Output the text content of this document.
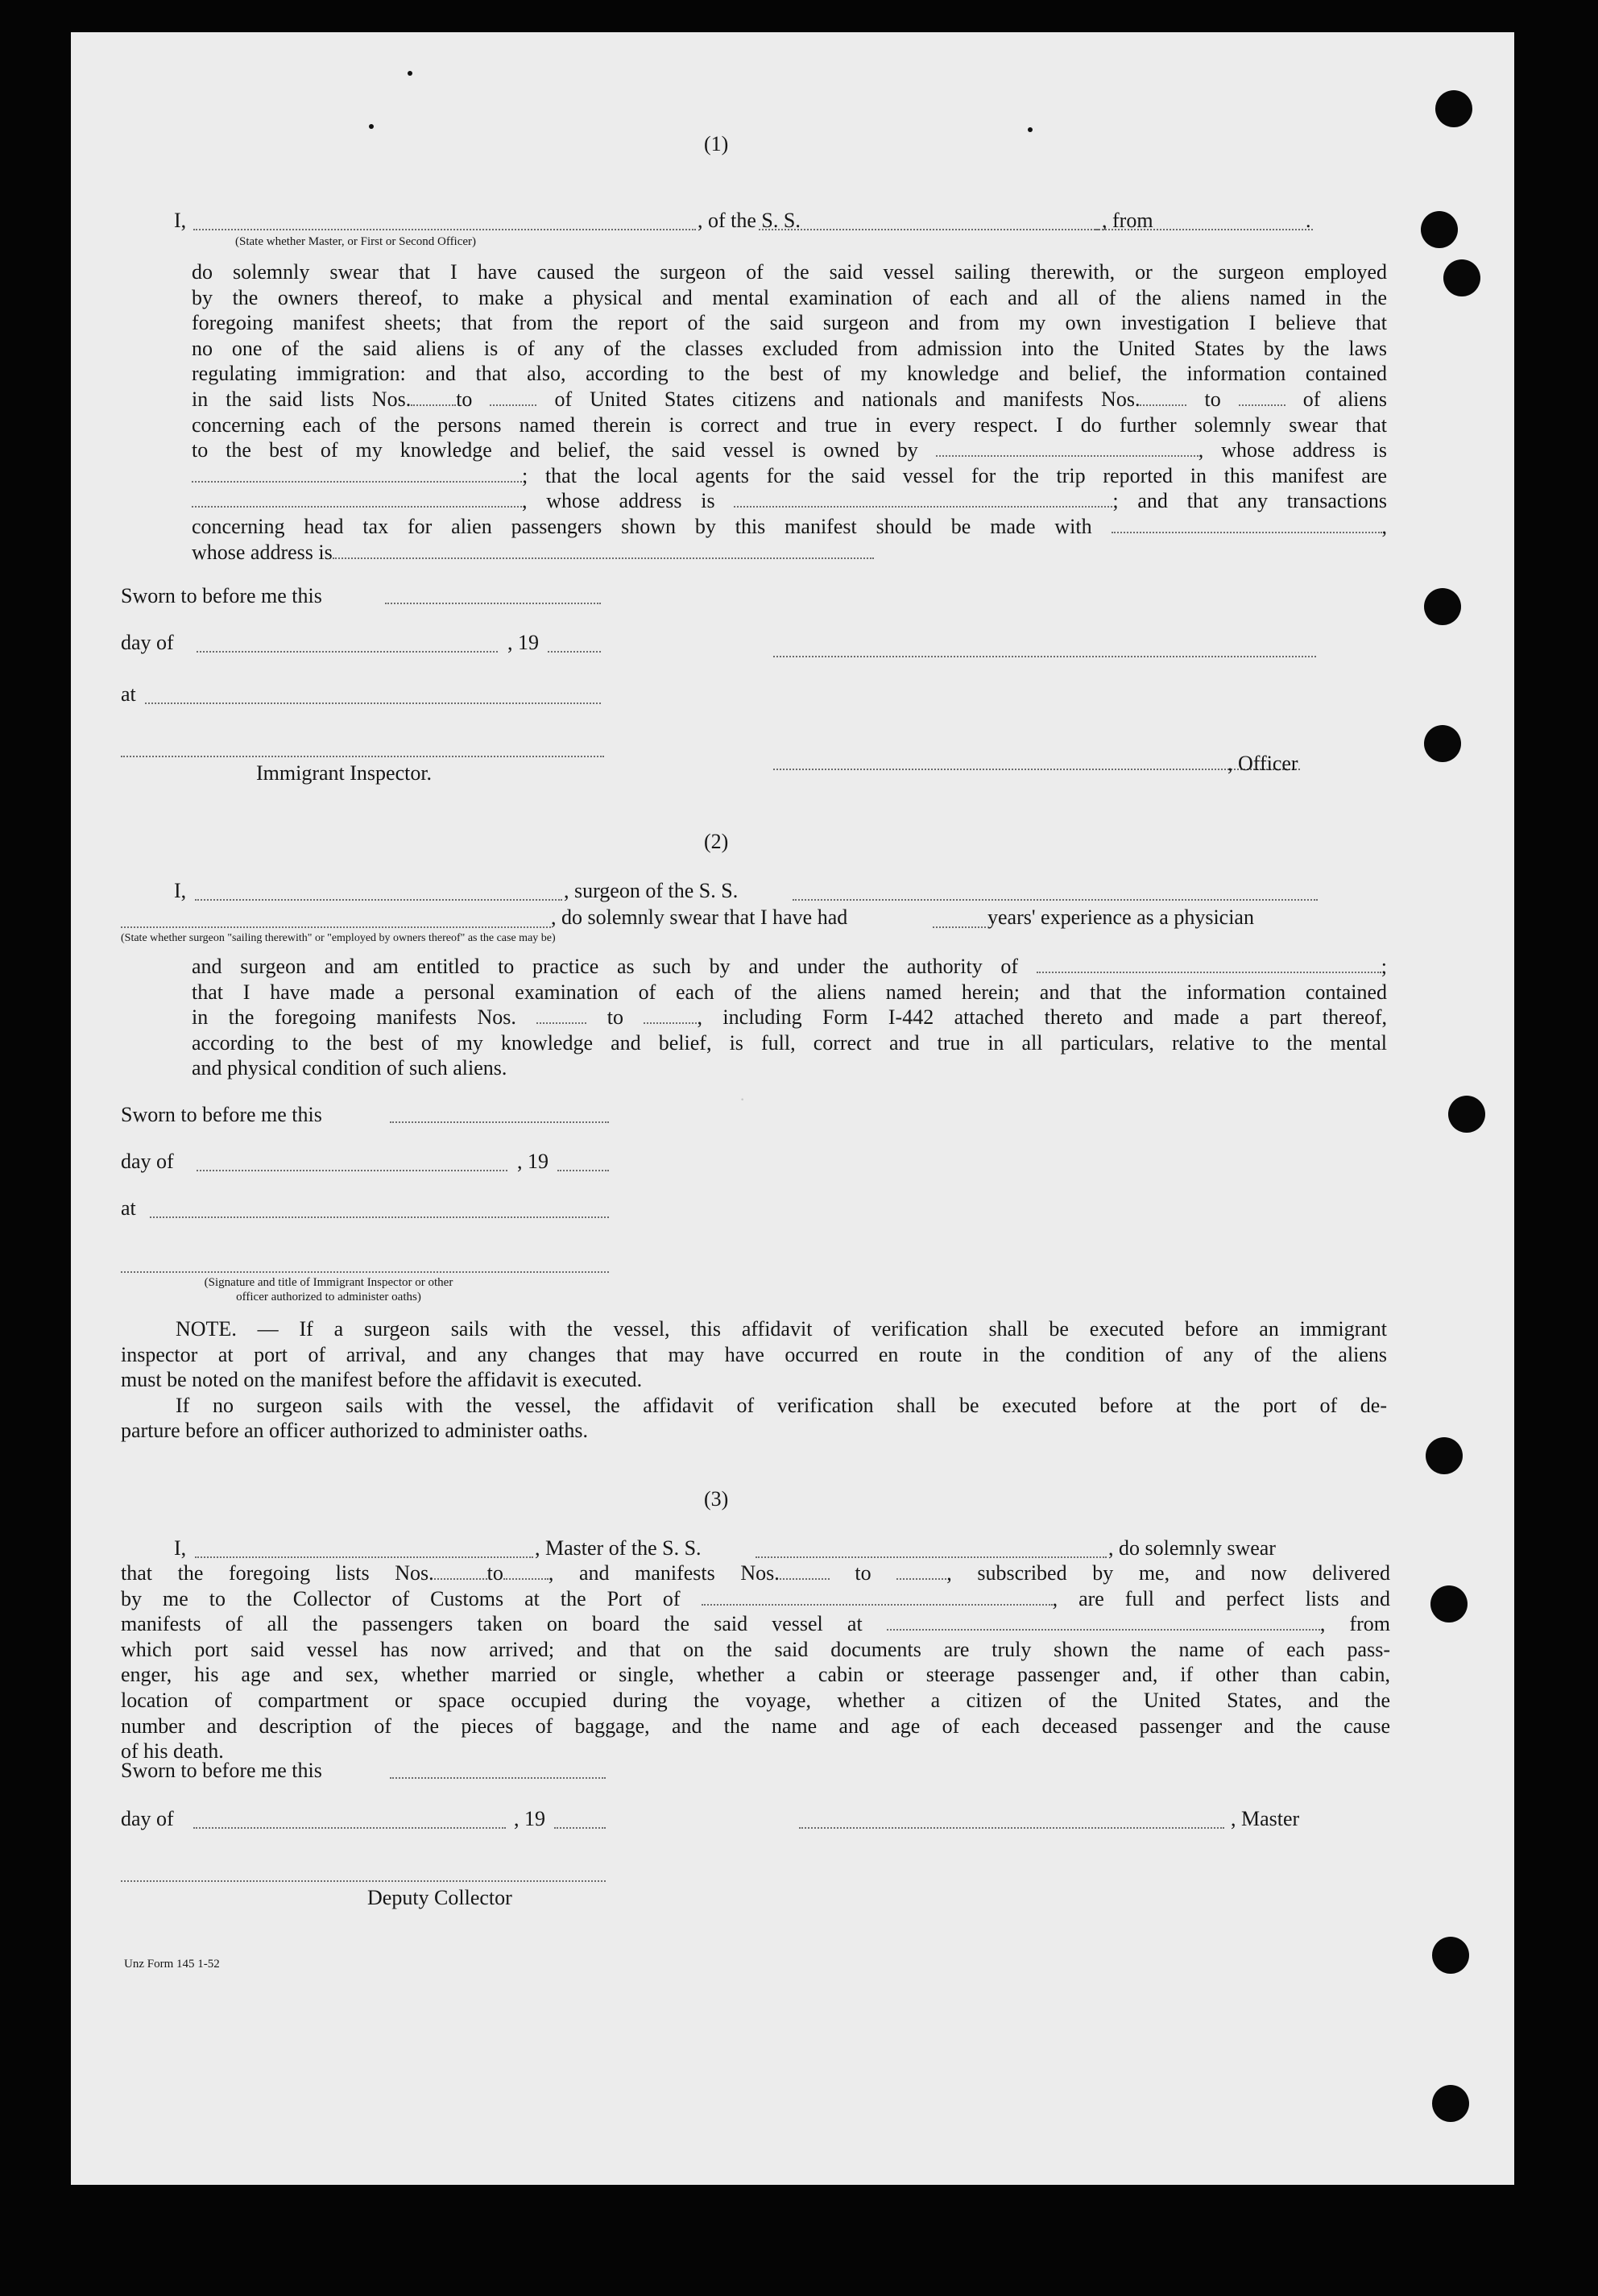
(1)
I,	, of the S. S.	, from	.
(State whether Master, or First or Second Officer)
do solemnly swear that I have caused the surgeon of the said vessel sailing therewith, or the surgeon employed
by the owners thereof, to make a physical and mental examination of each and all of the aliens named in the
foregoing manifest sheets; that from the report of the said surgeon and from my own investigation I believe that
no one of the said aliens is of any of the classes excluded from admission into the United States by the laws
regulating immigration: and that also, according to the best of my knowledge and belief, the information contained
in the said lists Nos. to	of United States citizens and nationals and manifests Nos.	to	of aliens
concerning each of the persons named therein is correct and true in every respect. I do further solemnly swear that
to the best of my knowledge and belief, the said vessel is owned by	, whose address is
; that the local agents for the said vessel for the trip reported in this manifest are
, whose address is	; and that any transactions
concerning head tax for alien passengers shown by this manifest should be made with	,
whose address is
Sworn to before me this
day of	, 19
at
Immigrant Inspector.	, Officer
(2)
I,	, surgeon of the S. S.
, do solemnly swear that I have had	years' experience as a physician
(State whether surgeon "sailing therewith" or "employed by owners thereof" as the case may be)
and surgeon and am entitled to practice as such by and under the authority of	;
that I have made a personal examination of each of the aliens named herein; and that the information contained
in the foregoing manifests Nos.	to	, including Form I-442 attached thereto and made a part thereof,
according to the best of my knowledge and belief, is full, correct and true in all particulars, relative to the mental
and physical condition of such aliens.
Sworn to before me this
day of	, 19
at
(Signature and title of Immigrant Inspector or other
officer authorized to administer oaths)
·
NOTE. — If a surgeon sails with the vessel, this affidavit of verification shall be executed before an immigrant
inspector at port of arrival, and any changes that may have occurred en route in the condition of any of the aliens
must be noted on the manifest before the affidavit is executed.
If no surgeon sails with the vessel, the affidavit of verification shall be executed before at the port of de-
parture before an officer authorized to administer oaths.
(3)
I,	, Master of the S. S.	, do solemnly swear
that the foregoing lists Nos.	to , and manifests Nos.	to	, subscribed by me, and now delivered
by me to the Collector of Customs at the Port of	, are full and perfect lists and
manifests of all the passengers taken on board the said vessel at	, from
which port said vessel has now arrived; and that on the said documents are truly shown the name of each pass-
enger, his age and sex, whether married or single, whether a cabin or steerage passenger and, if other than cabin,
location of compartment or space occupied during the voyage, whether a citizen of the United States, and the
number and description of the pieces of baggage, and the name and age of each deceased passenger and the cause
of his death.
Sworn to before me this
day of	, 19	, Master
Deputy Collector
Unz Form 145 1-52
